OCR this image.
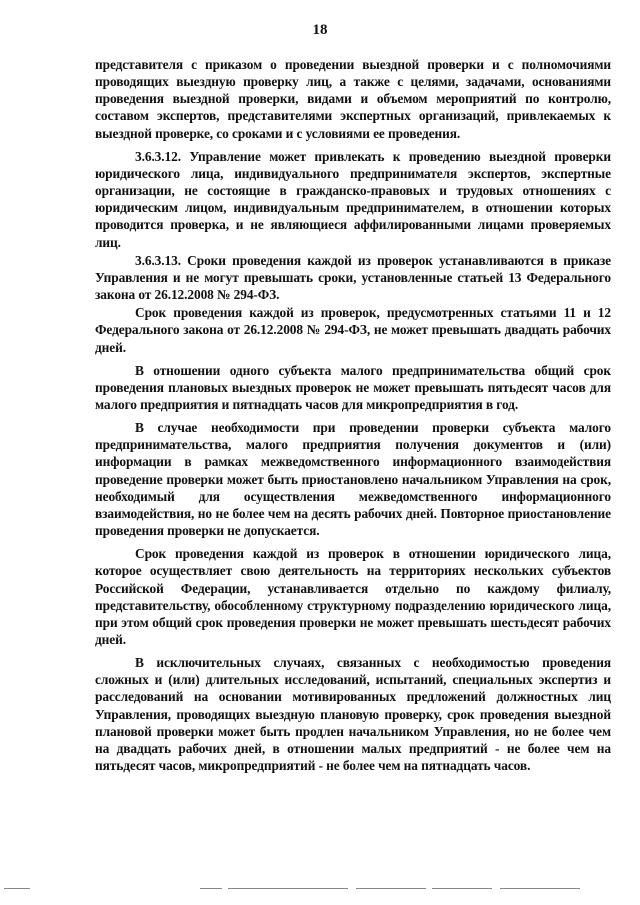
18

представителя с приказом о проведении выездной проверки и с полномочиями проводящих выездную проверку лиц, а также с целями, задачами, основаниями проведения выездной проверки, видами и объемом мероприятий по контролю, составом экспертов, представителями экспертных организаций, привлекаемых к выездной проверке, со сроками и с условиями ее проведения.

3.6.3.12. Управление может привлекать к проведению выездной проверки юридического лица, индивидуального предпринимателя экспертов, экспертные организации, не состоящие в гражданско-правовых и трудовых отношениях с юридическим лицом, индивидуальным предпринимателем, в отношении которых проводится проверка, и не являющиеся аффилированными лицами проверяемых лиц.

3.6.3.13. Сроки проведения каждой из проверок устанавливаются в приказе Управления и не могут превышать сроки, установленные статьей 13 Федерального закона от 26.12.2008 № 294-ФЗ.

Срок проведения каждой из проверок, предусмотренных статьями 11 и 12 Федерального закона от 26.12.2008 № 294-ФЗ, не может превышать двадцать рабочих дней.

В отношении одного субъекта малого предпринимательства общий срок проведения плановых выездных проверок не может превышать пятьдесят часов для малого предприятия и пятнадцать часов для микропредприятия в год.

В случае необходимости при проведении проверки субъекта малого предпринимательства, малого предприятия получения документов и (или) информации в рамках межведомственного информационного взаимодействия проведение проверки может быть приостановлено начальником Управления на срок, необходимый для осуществления межведомственного информационного взаимодействия, но не более чем на десять рабочих дней. Повторное приостановление проведения проверки не допускается.

Срок проведения каждой из проверок в отношении юридического лица, которое осуществляет свою деятельность на территориях нескольких субъектов Российской Федерации, устанавливается отдельно по каждому филиалу, представительству, обособленному структурному подразделению юридического лица, при этом общий срок проведения проверки не может превышать шестьдесят рабочих дней.

В исключительных случаях, связанных с необходимостью проведения сложных и (или) длительных исследований, испытаний, специальных экспертиз и расследований на основании мотивированных предложений должностных лиц Управления, проводящих выездную плановую проверку, срок проведения выездной плановой проверки может быть продлен начальником Управления, но не более чем на двадцать рабочих дней, в отношении малых предприятий - не более чем на пятьдесят часов, микропредприятий - не более чем на пятнадцать часов.
